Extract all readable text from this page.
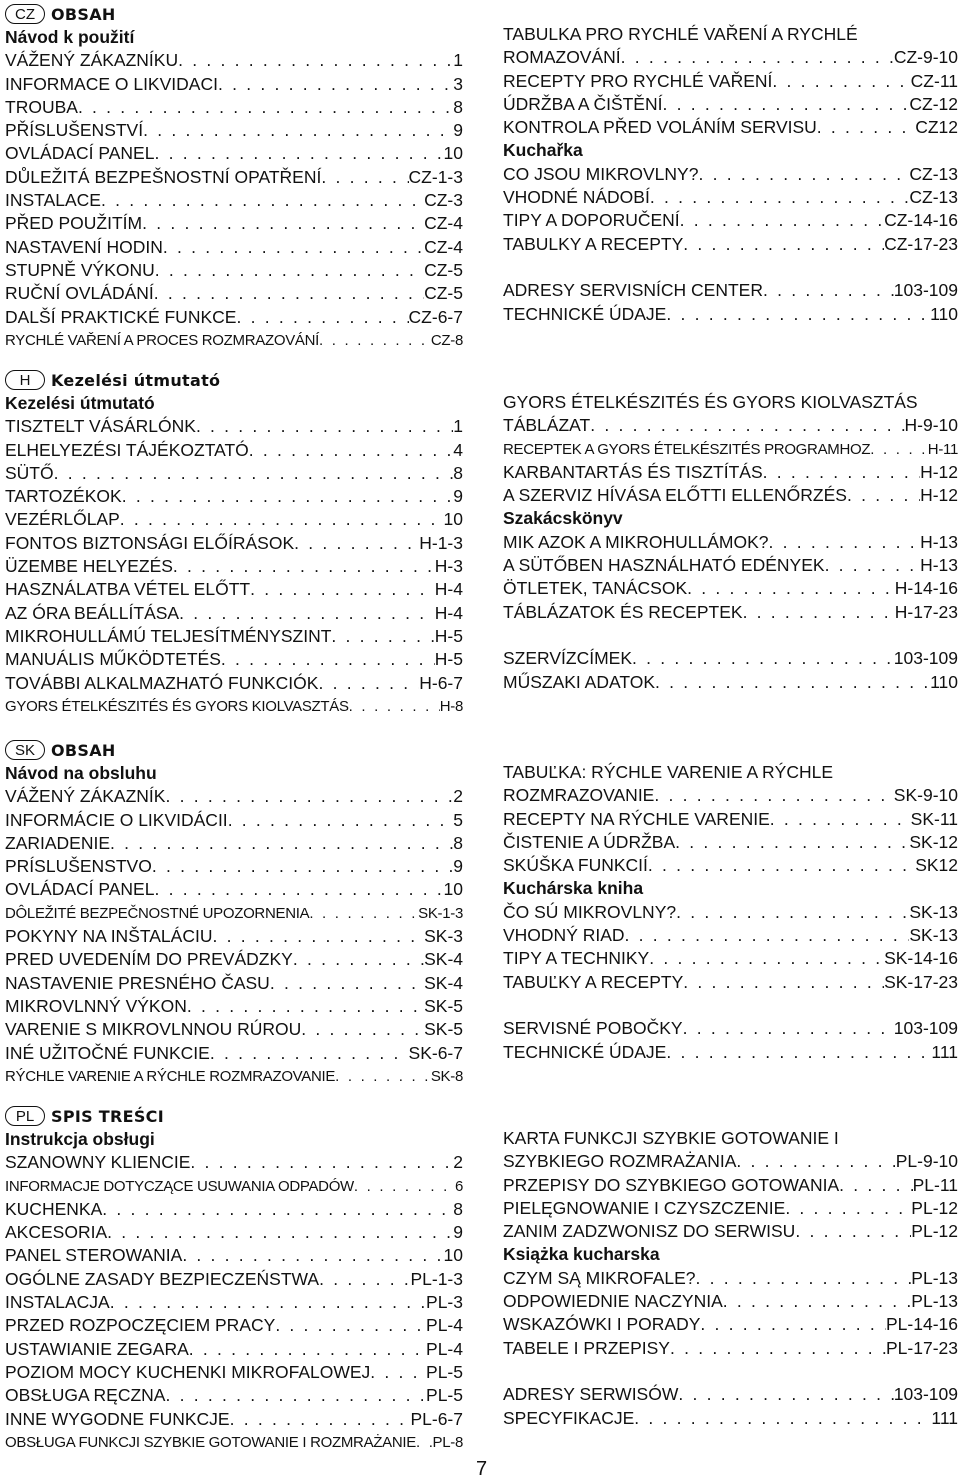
CZ	OBSAH
Návod k použití
VÁŽENÝ ZÁKAZNÍKU . . .	1
INFORMACE O LIKVIDACI . . .	3
TROUBA . . .	8
PŘÍSLUŠENSTVÍ . . .	9
OVLÁDACÍ PANEL . . .	10
DŮLEŽITÁ BEZPEŠNOSTNÍ OPATŘENÍ . . .	CZ-1-3
INSTALACE . . .	CZ-3
PŘED POUŽITÍM . . .	CZ-4
NASTAVENÍ HODIN . . .	CZ-4
STUPNĚ VÝKONU . . .	CZ-5
RUČNÍ OVLÁDÁNÍ . . .	CZ-5
DALŠÍ PRAKTICKÉ FUNKCE . . .	CZ-6-7
RYCHLÉ VAŘENÍ A PROCES ROZMRAZOVÁNÍ . . .	CZ-8
TABULKA PRO RYCHLÉ VAŘENÍ A RYCHLÉ
ROMAZOVÁNÍ . . .	CZ-9-10
RECEPTY PRO RYCHLÉ VAŘENÍ . . .	CZ-11
ÚDRŽBA A ČIŠTĚNÍ . . .	CZ-12
KONTROLA PŘED VOLÁNÍM SERVISU . . .	CZ12
Kuchařka
CO JSOU MIKROVLNY? . . .	CZ-13
VHODNÉ NÁDOBÍ . . .	CZ-13
TIPY A DOPORUČENÍ . . .	CZ-14-16
TABULKY A RECEPTY . . .	CZ-17-23
ADRESY SERVISNÍCH CENTER . . .	103-109
TECHNICKÉ ÚDAJE . . .	110
H	Kezelési útmutató
Kezelési útmutató
TISZTELT VÁSÁRLÓNK . . .	1
ELHELYEZÉSI TÁJÉKOZTATÓ . . .	4
SÜTŐ . . .	8
TARTOZÉKOK . . .	9
VEZÉRLŐLAP . . .	10
FONTOS BIZTONSÁGI ELŐÍRÁSOK . . .	H-1-3
ÜZEMBE HELYEZÉS . . .	H-3
HASZNÁLATBA VÉTEL ELŐTT . . .	H-4
AZ ÓRA BEÁLLÍTÁSA . . .	H-4
MIKROHULLÁMÚ TELJESÍTMÉNYSZINT . . .	H-5
MANUÁLIS MŰKÖDTETÉS . . .	H-5
TOVÁBBI ALKALMAZHATÓ FUNKCIÓK . . .	H-6-7
GYORS ÉTELKÉSZITÉS ÉS GYORS KIOLVASZTÁS . . .	H-8
GYORS ÉTELKÉSZITÉS ÉS GYORS KIOLVASZTÁS
TÁBLÁZAT . . .	H-9-10
RECEPTEK A GYORS ÉTELKÉSZITÉS PROGRAMHOZ . . .	H-11
KARBANTARTÁS ÉS TISZTÍTÁS . . .	H-12
A SZERVIZ HÍVÁSA ELŐTTI ELLENŐRZÉS . . .	H-12
Szakácskönyv
MIK AZOK A MIKROHULLÁMOK? . . .	H-13
A SÜTŐBEN HASZNÁLHATÓ EDÉNYEK . . .	H-13
ÖTLETEK, TANÁCSOK . . .	H-14-16
TÁBLÁZATOK ÉS RECEPTEK . . .	H-17-23
SZERVÍZCÍMEK . . .	103-109
MŰSZAKI ADATOK . . .	110
SK	OBSAH
Návod na obsluhu
VÁŽENÝ ZÁKAZNÍK . . .	2
INFORMÁCIE O LIKVIDÁCII . . .	5
ZARIADENIE . . .	8
PRÍSLUŠENSTVO . . .	9
OVLÁDACÍ PANEL . . .	10
DÔLEŽITÉ BEZPEČNOSTNÉ UPOZORNENIA . . .	SK-1-3
POKYNY NA INŠTALÁCIU . . .	SK-3
PRED UVEDENÍM DO PREVÁDZKY . . .	SK-4
NASTAVENIE PRESNÉHO ČASU . . .	SK-4
MIKROVLNNÝ VÝKON . . .	SK-5
VARENIE S MIKROVLNNOU RÚROU . . .	SK-5
INÉ UŽITOČNÉ FUNKCIE . . .	SK-6-7
RÝCHLE VARENIE A RÝCHLE ROZMRAZOVANIE . . .	SK-8
TABUĽKA: RÝCHLE VARENIE A RÝCHLE
ROZMRAZOVANIE . . .	SK-9-10
RECEPTY NA RÝCHLE VARENIE . . .	SK-11
ČISTENIE A ÚDRŽBA . . .	SK-12
SKÚŠKA FUNKCIÍ . . .	SK12
Kuchárska kniha
ČO SÚ MIKROVLNY? . . .	SK-13
VHODNÝ RIAD . . .	SK-13
TIPY A TECHNIKY . . .	SK-14-16
TABUĽKY A RECEPTY . . .	SK-17-23
SERVISNÉ POBOČKY . . .	103-109
TECHNICKÉ ÚDAJE . . .	111
PL	SPIS TREŚCI
Instrukcja obsługi
SZANOWNY KLIENCIE . . .	2
INFORMACJE DOTYCZĄCE USUWANIA ODPADÓW . . .	6
KUCHENKA . . .	8
AKCESORIA . . .	9
PANEL STEROWANIA . . .	10
OGÓLNE ZASADY BEZPIECZEŃSTWA . . .	PL-1-3
INSTALACJA . . .	PL-3
PRZED ROZPOCZĘCIEM PRACY . . .	PL-4
USTAWIANIE ZEGARA . . .	PL-4
POZIOM MOCY KUCHENKI MIKROFALOWEJ . . .	PL-5
OBSŁUGA RĘCZNA . . .	PL-5
INNE WYGODNE FUNKCJE . . .	PL-6-7
OBSŁUGA FUNKCJI SZYBKIE GOTOWANIE I ROZMRAŻANIE . . . PL-8
KARTA FUNKCJI SZYBKIE GOTOWANIE I
SZYBKIEGO ROZMRAŻANIA . . .	PL-9-10
PRZEPISY DO SZYBKIEGO GOTOWANIA . . .	PL-11
PIELĘGNOWANIE I CZYSZCZENIE . . .	PL-12
ZANIM ZADZWONISZ DO SERWISU . . .	PL-12
Książka kucharska
CZYM SĄ MIKROFALE? . . .	PL-13
ODPOWIEDNIE NACZYNIA . . .	PL-13
WSKAZÓWKI I PORADY . . .	PL-14-16
TABELE I PRZEPISY . . .	PL-17-23
ADRESY SERWISÓW . . .	103-109
SPECYFIKACJE . . .	111
7
